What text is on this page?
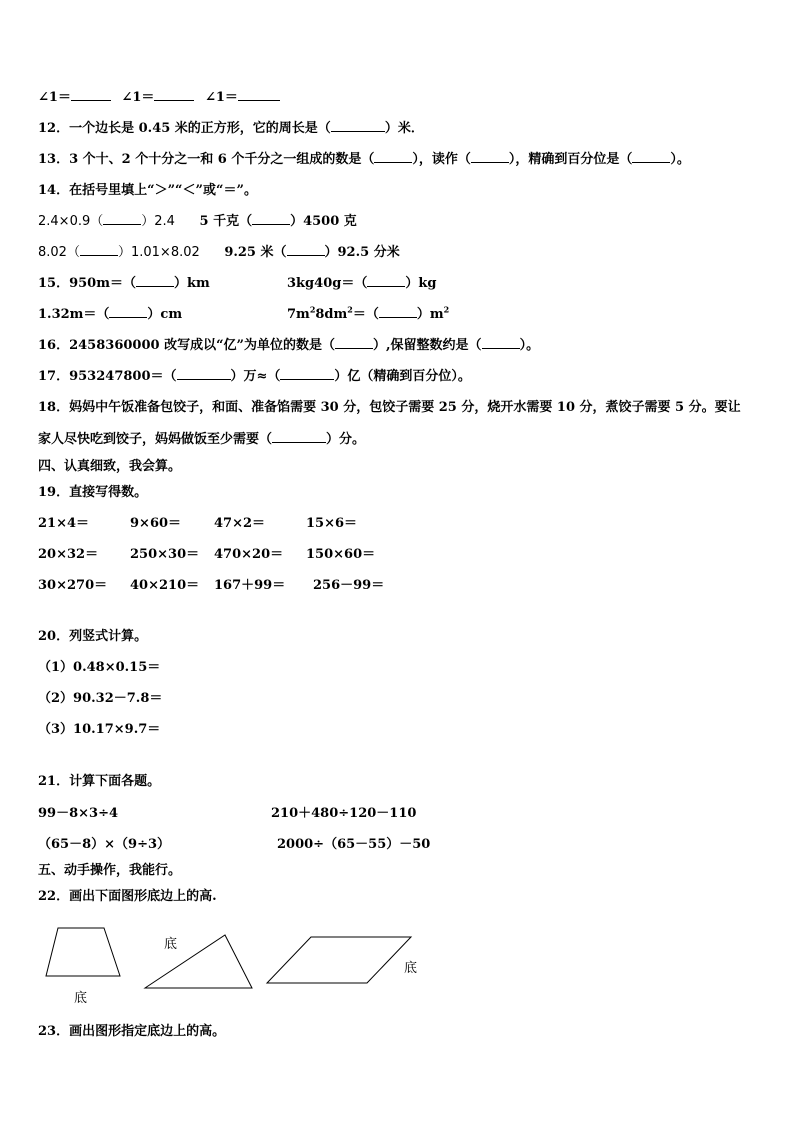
∠1＝	∠1＝	∠1＝
12．一个边长是 0.45 米的正方形，它的周长是（	）米．
13．3 个十、2 个十分之一和 6 个千分之一组成的数是（	），读作（	），精确到百分位是（	）。
14．在括号里填上“＞”“＜”或“＝”。
2.4×0.9（	）2.4 5 千克（	）4500 克
8.02（	）1.01×8.02 9.25 米（	）92.5 分米
15．950m＝（	）km	3kg40g＝（	）kg
1.32m＝（	）cm	$7m^28dm^2=$（	）$m^2$
16．2458360000 改写成以“亿”为单位的数是（	）,保留整数约是（	）。
17．953247800＝（	）万≈（	）亿（精确到百分位）。
18．妈妈中午饭准备包饺子，和面、准备馅需要 30 分，包饺子需要 25 分，烧开水需要 10 分，煮饺子需要 5 分。要让
家人尽快吃到饺子，妈妈做饭至少需要（	）分。
四、认真细致，我会算。
19．直接写得数。
21×4＝	9×60＝	47×2＝	15×6＝
20×32＝ 250×30＝ 470×20＝ 150×60＝
30×270＝ 40×210＝ 167＋99＝ 256－99＝
20．列竖式计算。
（1）0.48×0.15＝
（2）90.32－7.8＝
（3）10.17×9.7＝
21．计算下面各题。
99－8×3÷4	210＋480÷120－110
（65－8）×（9÷3）	2000÷（65－55）－50
五、动手操作，我能行。
22．画出下面图形底边上的高.
底
底
底
23．画出图形指定底边上的高。
